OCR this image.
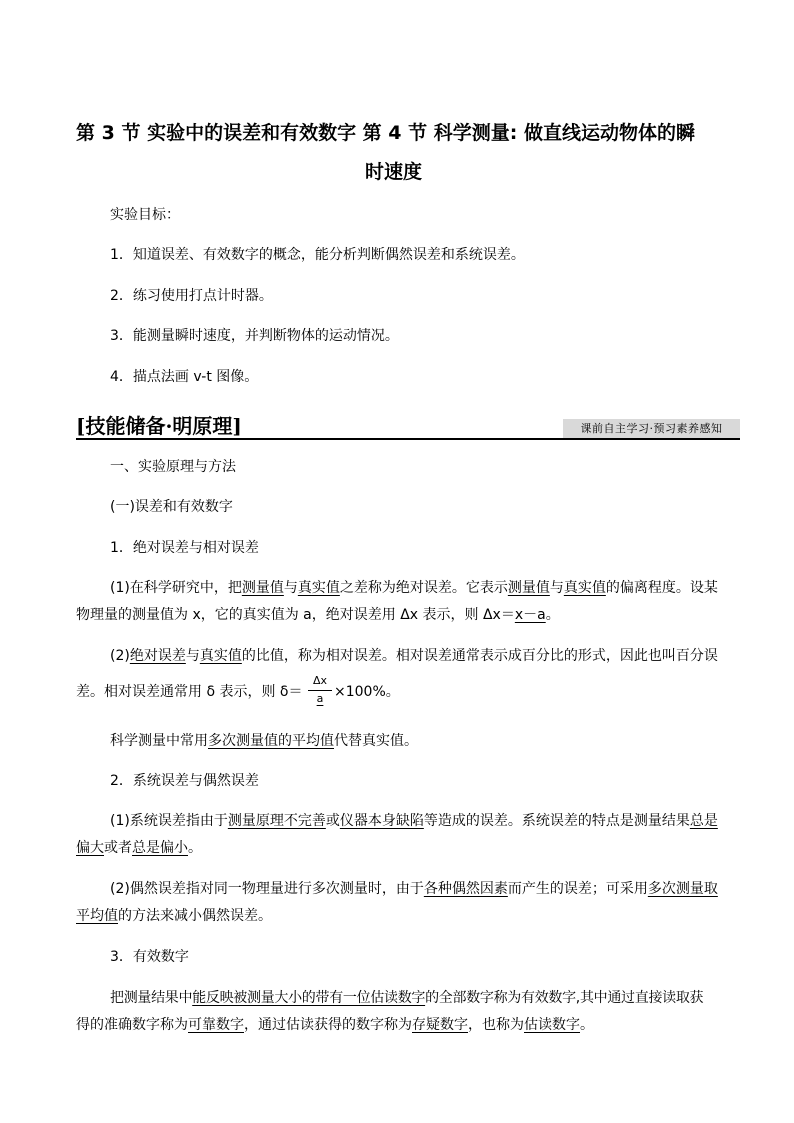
第 3 节 实验中的误差和有效数字 第 4 节 科学测量: 做直线运动物体的瞬
时速度
实验目标：
1．知道误差、有效数字的概念，能分析判断偶然误差和系统误差。
2．练习使用打点计时器。
3．能测量瞬时速度，并判断物体的运动情况。
4．描点法画 v-t 图像。
[技能储备·明原理]	课前自主学习·预习素养感知
一、实验原理与方法
(一)误差和有效数字
1．绝对误差与相对误差
(1)在科学研究中，把测量值与真实值之差称为绝对误差。它表示测量值与真实值的偏离程度。设某
物理量的测量值为 x，它的真实值为 a，绝对误差用 Δx 表示，则 Δx＝x－a。
(2)绝对误差与真实值的比值，称为相对误差。相对误差通常表示成百分比的形式，因此也叫百分误
差。相对误差通常用 δ 表示，则 δ＝
Δx
a ×100%。
科学测量中常用多次测量值的平均值代替真实值。
2．系统误差与偶然误差
(1)系统误差指由于测量原理不完善或仪器本身缺陷等造成的误差。系统误差的特点是测量结果总是
偏大或者总是偏小。
(2)偶然误差指对同一物理量进行多次测量时，由于各种偶然因素而产生的误差；可采用多次测量取
平均值的方法来减小偶然误差。
3．有效数字
把测量结果中能反映被测量大小的带有一位估读数字的全部数字称为有效数字,其中通过直接读取获
得的准确数字称为可靠数字，通过估读获得的数字称为存疑数字，也称为估读数字。
